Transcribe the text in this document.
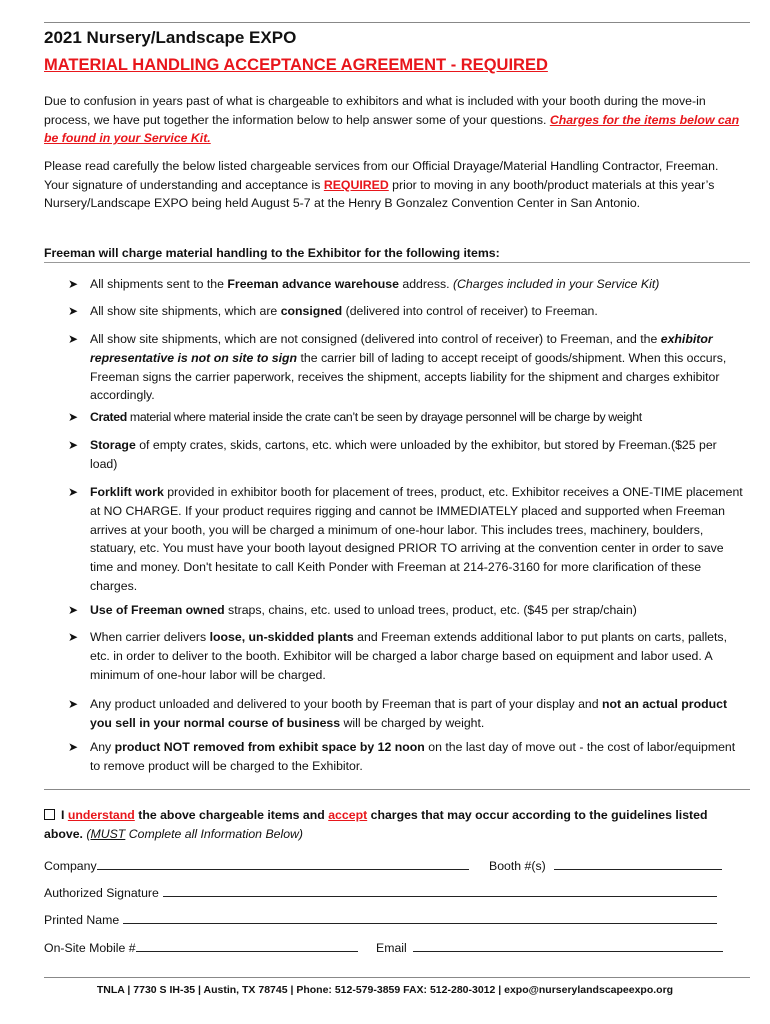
2021 Nursery/Landscape EXPO
MATERIAL HANDLING ACCEPTANCE AGREEMENT - REQUIRED
Due to confusion in years past of what is chargeable to exhibitors and what is included with your booth during the move-in process, we have put together the information below to help answer some of your questions. Charges for the items below can be found in your Service Kit.
Please read carefully the below listed chargeable services from our Official Drayage/Material Handling Contractor, Freeman. Your signature of understanding and acceptance is REQUIRED prior to moving in any booth/product materials at this year’s Nursery/Landscape EXPO being held August 5-7 at the Henry B Gonzalez Convention Center in San Antonio.
Freeman will charge material handling to the Exhibitor for the following items:
➤ All shipments sent to the Freeman advance warehouse address. (Charges included in your Service Kit)
➤ All show site shipments, which are consigned (delivered into control of receiver) to Freeman.
➤ All show site shipments, which are not consigned (delivered into control of receiver) to Freeman, and the exhibitor representative is not on site to sign the carrier bill of lading to accept receipt of goods/shipment. When this occurs, Freeman signs the carrier paperwork, receives the shipment, accepts liability for the shipment and charges exhibitor accordingly.
➤ Crated material where material inside the crate can’t be seen by drayage personnel will be charge by weight
➤ Storage of empty crates, skids, cartons, etc. which were unloaded by the exhibitor, but stored by Freeman.($25 per load)
➤ Forklift work provided in exhibitor booth for placement of trees, product, etc. Exhibitor receives a ONE-TIME placement at NO CHARGE. If your product requires rigging and cannot be IMMEDIATELY placed and supported when Freeman arrives at your booth, you will be charged a minimum of one-hour labor. This includes trees, machinery, boulders, statuary, etc. You must have your booth layout designed PRIOR TO arriving at the convention center in order to save time and money. Don't hesitate to call Keith Ponder with Freeman at 214-276-3160 for more clarification of these charges.
➤ Use of Freeman owned straps, chains, etc. used to unload trees, product, etc. ($45 per strap/chain)
➤ When carrier delivers loose, un-skidded plants and Freeman extends additional labor to put plants on carts, pallets, etc. in order to deliver to the booth. Exhibitor will be charged a labor charge based on equipment and labor used. A minimum of one-hour labor will be charged.
➤ Any product unloaded and delivered to your booth by Freeman that is part of your display and not an actual product you sell in your normal course of business will be charged by weight.
➤ Any product NOT removed from exhibit space by 12 noon on the last day of move out - the cost of labor/equipment to remove product will be charged to the Exhibitor.
I understand the above chargeable items and accept charges that may occur according to the guidelines listed above. (MUST Complete all Information Below)
Company	Booth #(s)
Authorized Signature
Printed Name
On-Site Mobile #	Email
TNLA | 7730 S IH-35 | Austin, TX 78745 | Phone: 512-579-3859 FAX: 512-280-3012 | expo@nurserylandscapeexpo.org
